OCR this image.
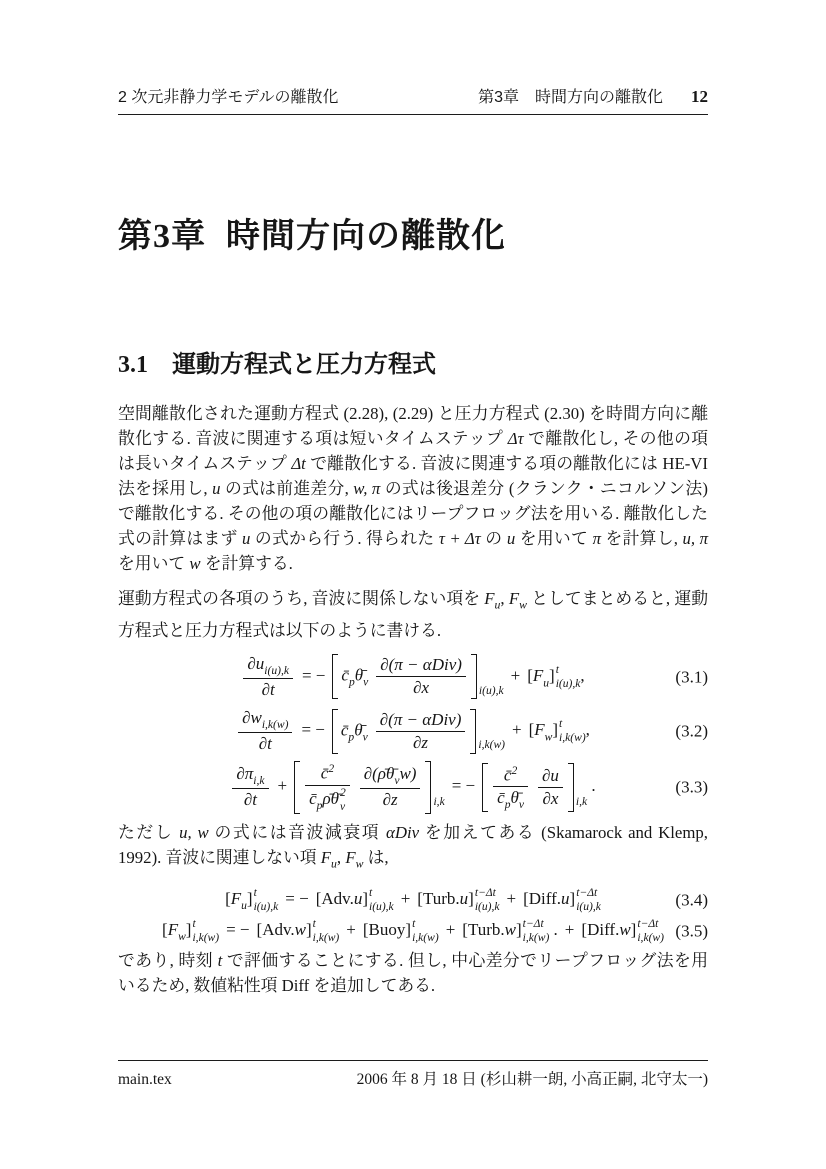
2 次元非静力学モデルの離散化	第3章　時間方向の離散化 12
第3章 時間方向の離散化
3.1 運動方程式と圧力方程式

空間離散化された運動方程式 (2.28), (2.29) と圧力方程式 (2.30) を時間方向に離散化する. 音波に関連する項は短いタイムステップ Δτ で離散化し, その他の項は長いタイムステップ Δt で離散化する. 音波に関連する項の離散化には HE-VI 法を採用し, u の式は前進差分, w, π の式は後退差分 (クランク・ニコルソン法) で離散化する. その他の項の離散化にはリープフロッグ法を用いる. 離散化した式の計算はまず u の式から行う. 得られた τ + Δτ の u を用いて π を計算し, u, π を用いて w を計算する.

運動方程式の各項のうち, 音波に関係しない項を $F_u$, $F_w$ としてまとめると, 運動方程式と圧力方程式は以下のように書ける.

$\frac{\partial u_{i(u),k}}{\partial t}$ = − $c̄_p\thetā_v \frac{\text{∂(π − αDiv)}}{\partial x} _{i(u),k}+ [F_u]$ t
i(u),k ,	(3.1)
$\frac{\partial w_{i,k(w)}}{\partial t}$ = − $c̄_p\thetā_v \frac{\text{∂(π − αDiv)}}{\partial z} _{i,k(w)}+ [F_w]$ t
i,k(w) ,	(3.2)
$\frac{\partial\pi_{i,k}}{\partial t}$ + c̄$^2$
$c̄_p\rhō\thetā$ 2
v $\frac{\partial(\rhō\thetā_vw)}{\partial z} _{i,k}= - \frac{c̄^2}{c̄_p\thetā_v} \frac{\partial u}{\partial x} _{i,k}$ .	(3.3)

ただし u, w の式には音波減衰項 αDiv を加えてある (Skamarock and Klemp, 1992). 音波に関連しない項 $F_u$, $F_w$ は,

$[F_u]$ t
i(u),k = − [Adv.u] t
i(u),k + [Turb.u] t−Δt
i(u),k + [Diff.u] t−Δt
i(u),k	(3.4)
$[F_w]$ t
i,k(w) = − [Adv.w] t
i,k(w) + [Buoy] t
i,k(w) + [Turb.w] t−Δt
i,k(w) . + [Diff.w] t−Δt
i,k(w) (3.5)

であり, 時刻 t で評価することにする. 但し, 中心差分でリープフロッグ法を用いるため, 数値粘性項 Diff を追加してある.

main.tex	2006 年 8 月 18 日 (杉山耕一朗, 小高正嗣, 北守太一)
